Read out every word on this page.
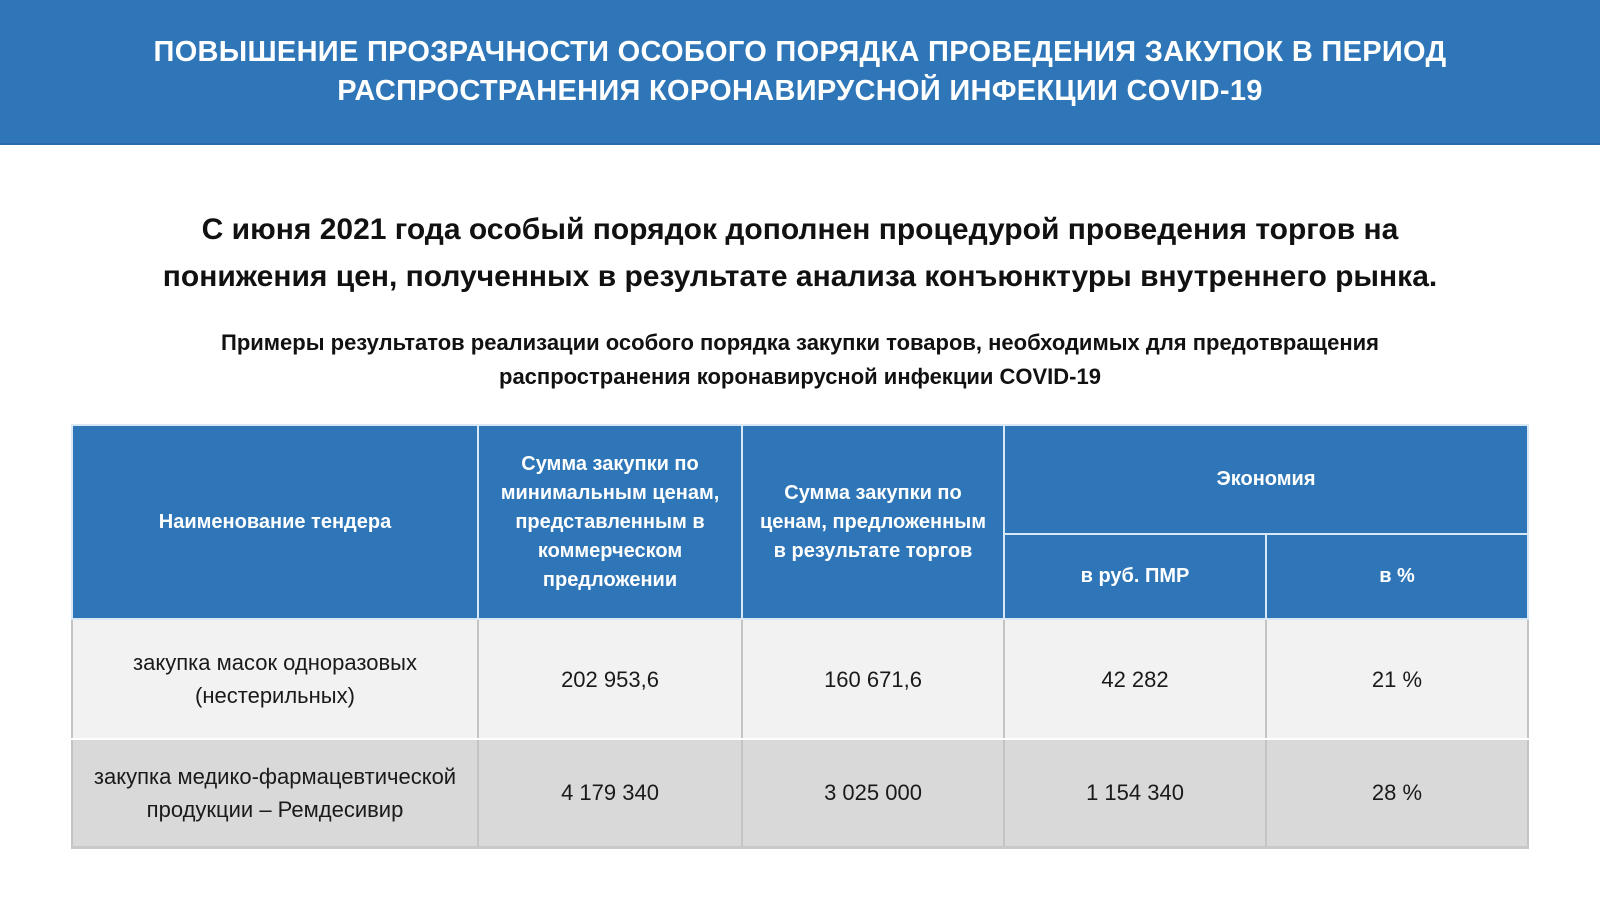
ПОВЫШЕНИЕ ПРОЗРАЧНОСТИ ОСОБОГО ПОРЯДКА ПРОВЕДЕНИЯ ЗАКУПОК В ПЕРИОД РАСПРОСТРАНЕНИЯ КОРОНАВИРУСНОЙ ИНФЕКЦИИ COVID-19
С июня 2021 года особый порядок дополнен процедурой проведения торгов на понижения цен, полученных в результате анализа конъюнктуры внутреннего рынка.
Примеры результатов реализации особого порядка закупки товаров, необходимых для предотвращения распространения коронавирусной инфекции COVID-19
Наименование тендера	Сумма закупки по минимальным ценам, представленным в коммерческом предложении	Сумма закупки по ценам, предложенным в результате торгов	Экономия	
			в руб. ПМР	в %
закупка масок одноразовых (нестерильных)	202 953,6	160 671,6	42 282	21 %
закупка медико-фармацевтической продукции – Ремдесивир	4 179 340	3 025 000	1 154 340	28 %
